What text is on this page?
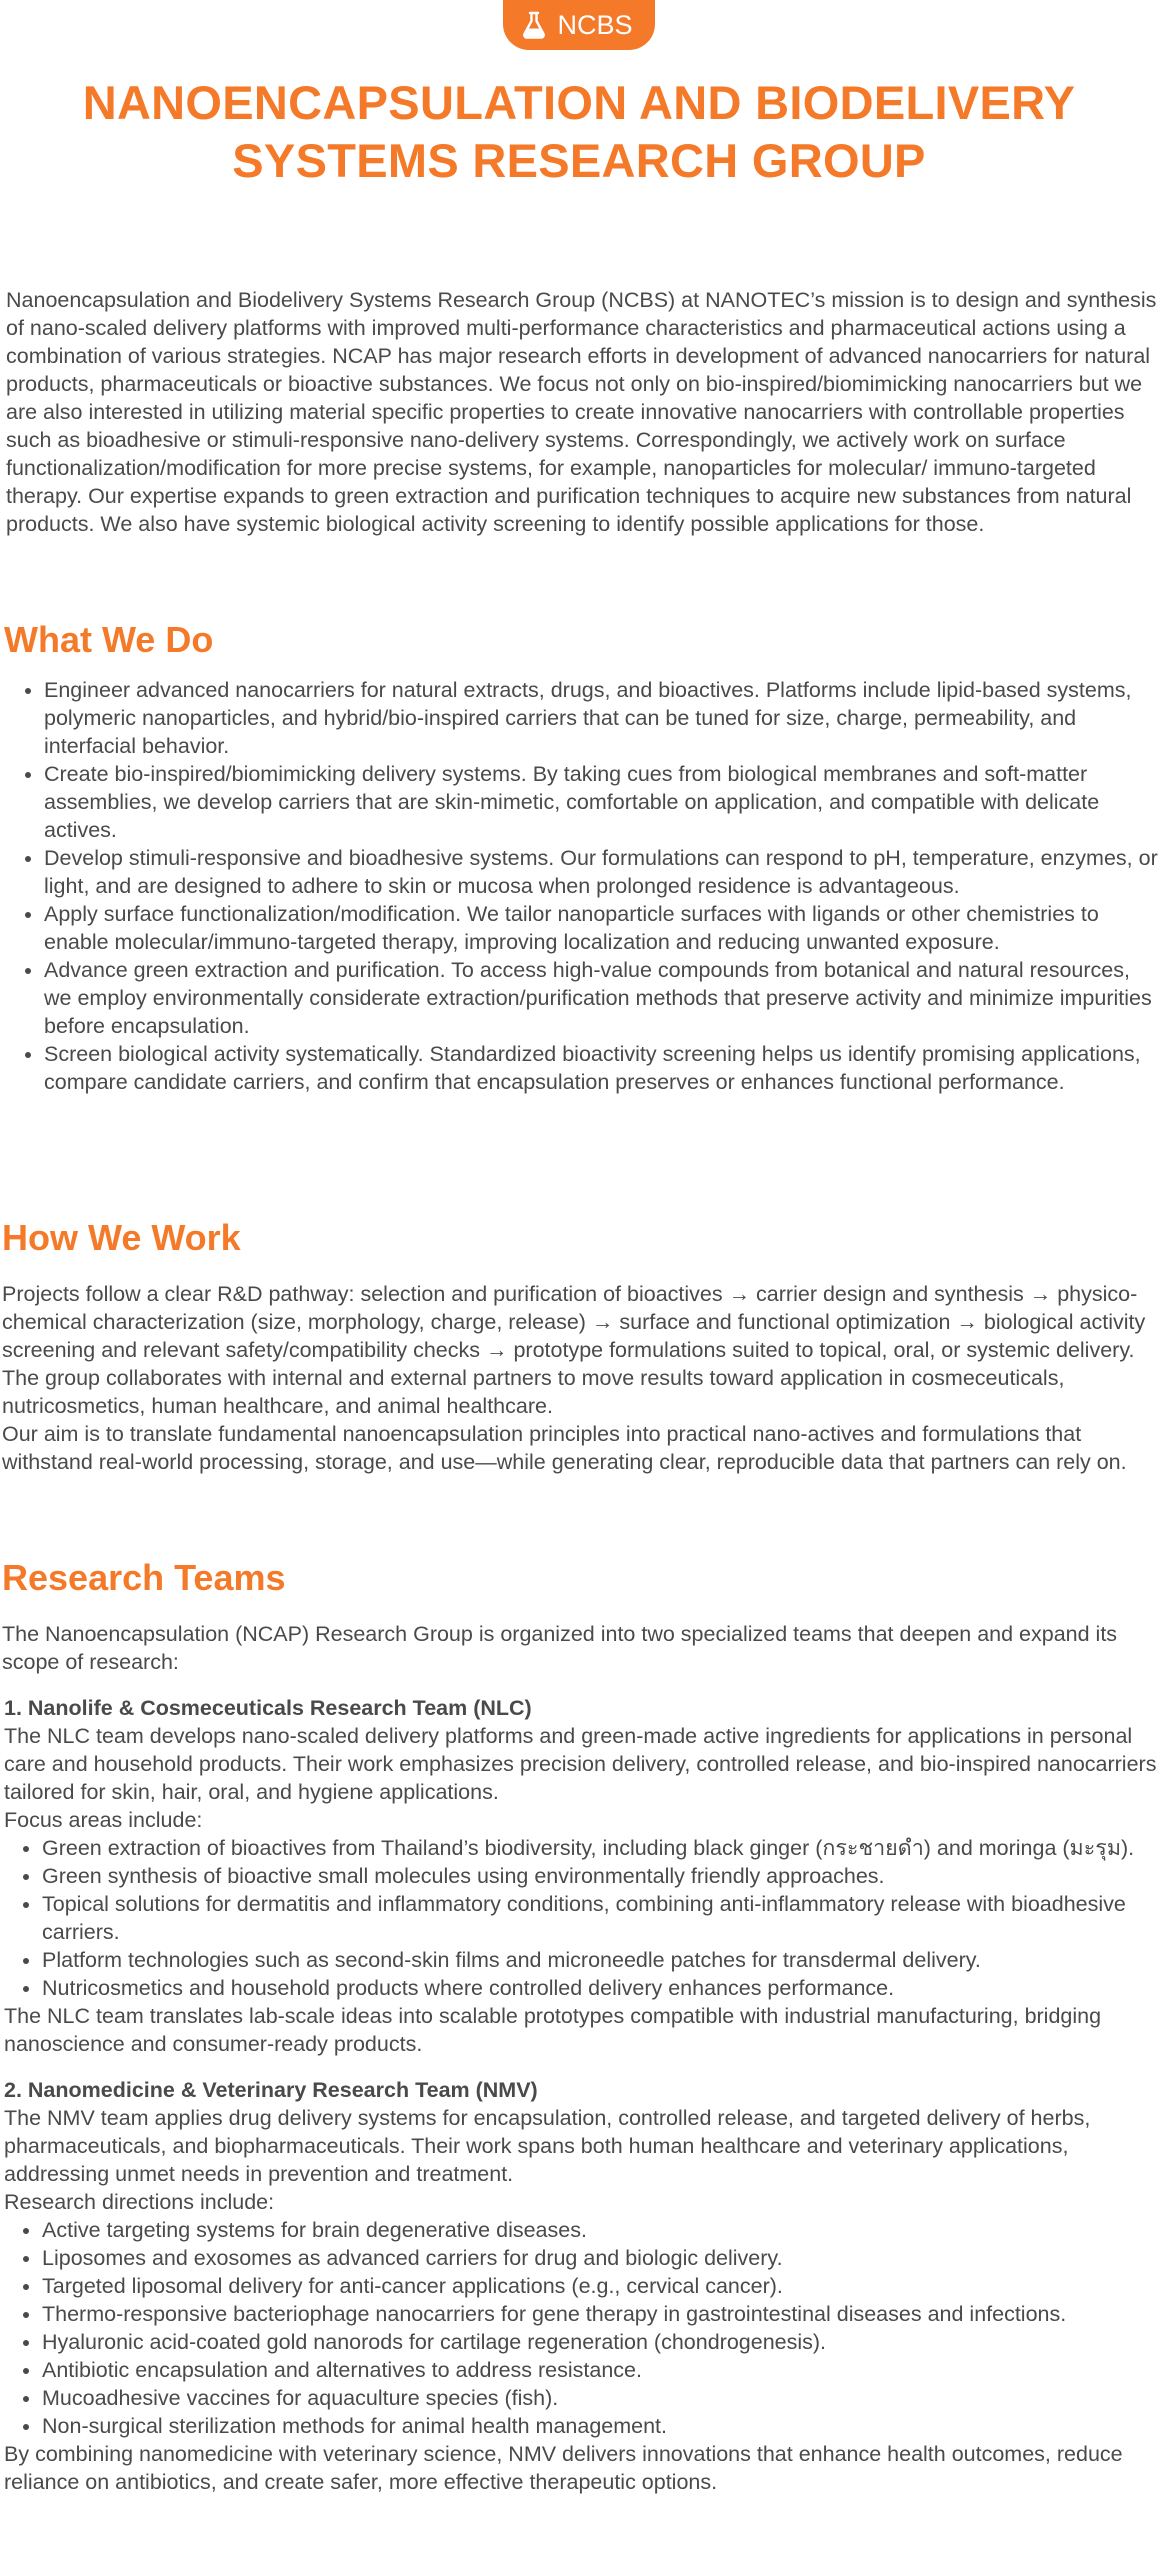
NCBS
NANOENCAPSULATION AND BIODELIVERY
SYSTEMS RESEARCH GROUP

Nanoencapsulation and Biodelivery Systems Research Group (NCBS) at NANOTEC’s mission is to design and synthesis of nano-scaled delivery platforms with improved multi-performance characteristics and pharmaceutical actions using a combination of various strategies. NCAP has major research efforts in development of advanced nanocarriers for natural products, pharmaceuticals or bioactive substances. We focus not only on bio-inspired/biomimicking nanocarriers but we are also interested in utilizing material specific properties to create innovative nanocarriers with controllable properties such as bioadhesive or stimuli-responsive nano-delivery systems. Correspondingly, we actively work on surface functionalization/modification for more precise systems, for example, nanoparticles for molecular/ immuno-targeted therapy. Our expertise expands to green extraction and purification techniques to acquire new substances from natural products. We also have systemic biological activity screening to identify possible applications for those.

What We Do
• Engineer advanced nanocarriers for natural extracts, drugs, and bioactives. Platforms include lipid-based systems, polymeric nanoparticles, and hybrid/bio-inspired carriers that can be tuned for size, charge, permeability, and interfacial behavior.
• Create bio-inspired/biomimicking delivery systems. By taking cues from biological membranes and soft-matter assemblies, we develop carriers that are skin-mimetic, comfortable on application, and compatible with delicate actives.
• Develop stimuli-responsive and bioadhesive systems. Our formulations can respond to pH, temperature, enzymes, or light, and are designed to adhere to skin or mucosa when prolonged residence is advantageous.
• Apply surface functionalization/modification. We tailor nanoparticle surfaces with ligands or other chemistries to enable molecular/immuno-targeted therapy, improving localization and reducing unwanted exposure.
• Advance green extraction and purification. To access high-value compounds from botanical and natural resources, we employ environmentally considerate extraction/purification methods that preserve activity and minimize impurities before encapsulation.
• Screen biological activity systematically. Standardized bioactivity screening helps us identify promising applications, compare candidate carriers, and confirm that encapsulation preserves or enhances functional performance.
How We Work

Projects follow a clear R&D pathway: selection and purification of bioactives → carrier design and synthesis → physico-chemical characterization (size, morphology, charge, release) → surface and functional optimization → biological activity screening and relevant safety/compatibility checks → prototype formulations suited to topical, oral, or systemic delivery. The group collaborates with internal and external partners to move results toward application in cosmeceuticals, nutricosmetics, human healthcare, and animal healthcare.

Our aim is to translate fundamental nanoencapsulation principles into practical nano-actives and formulations that withstand real-world processing, storage, and use—while generating clear, reproducible data that partners can rely on.

Research Teams

The Nanoencapsulation (NCAP) Research Group is organized into two specialized teams that deepen and expand its scope of research:

1. Nanolife & Cosmeceuticals Research Team (NLC)

The NLC team develops nano-scaled delivery platforms and green-made active ingredients for applications in personal care and household products. Their work emphasizes precision delivery, controlled release, and bio-inspired nanocarriers tailored for skin, hair, oral, and hygiene applications.

Focus areas include:

• Green extraction of bioactives from Thailand’s biodiversity, including black ginger (กระชายดำ) and moringa (มะรุม).
• Green synthesis of bioactive small molecules using environmentally friendly approaches.
• Topical solutions for dermatitis and inflammatory conditions, combining anti-inflammatory release with bioadhesive carriers.
• Platform technologies such as second-skin films and microneedle patches for transdermal delivery.
• Nutricosmetics and household products where controlled delivery enhances performance.

The NLC team translates lab-scale ideas into scalable prototypes compatible with industrial manufacturing, bridging nanoscience and consumer-ready products.

2. Nanomedicine & Veterinary Research Team (NMV)

The NMV team applies drug delivery systems for encapsulation, controlled release, and targeted delivery of herbs, pharmaceuticals, and biopharmaceuticals. Their work spans both human healthcare and veterinary applications, addressing unmet needs in prevention and treatment.

Research directions include:

• Active targeting systems for brain degenerative diseases.
• Liposomes and exosomes as advanced carriers for drug and biologic delivery.
• Targeted liposomal delivery for anti-cancer applications (e.g., cervical cancer).
• Thermo-responsive bacteriophage nanocarriers for gene therapy in gastrointestinal diseases and infections.
• Hyaluronic acid-coated gold nanorods for cartilage regeneration (chondrogenesis).
• Antibiotic encapsulation and alternatives to address resistance.
• Mucoadhesive vaccines for aquaculture species (fish).
• Non-surgical sterilization methods for animal health management.

By combining nanomedicine with veterinary science, NMV delivers innovations that enhance health outcomes, reduce reliance on antibiotics, and create safer, more effective therapeutic options.
